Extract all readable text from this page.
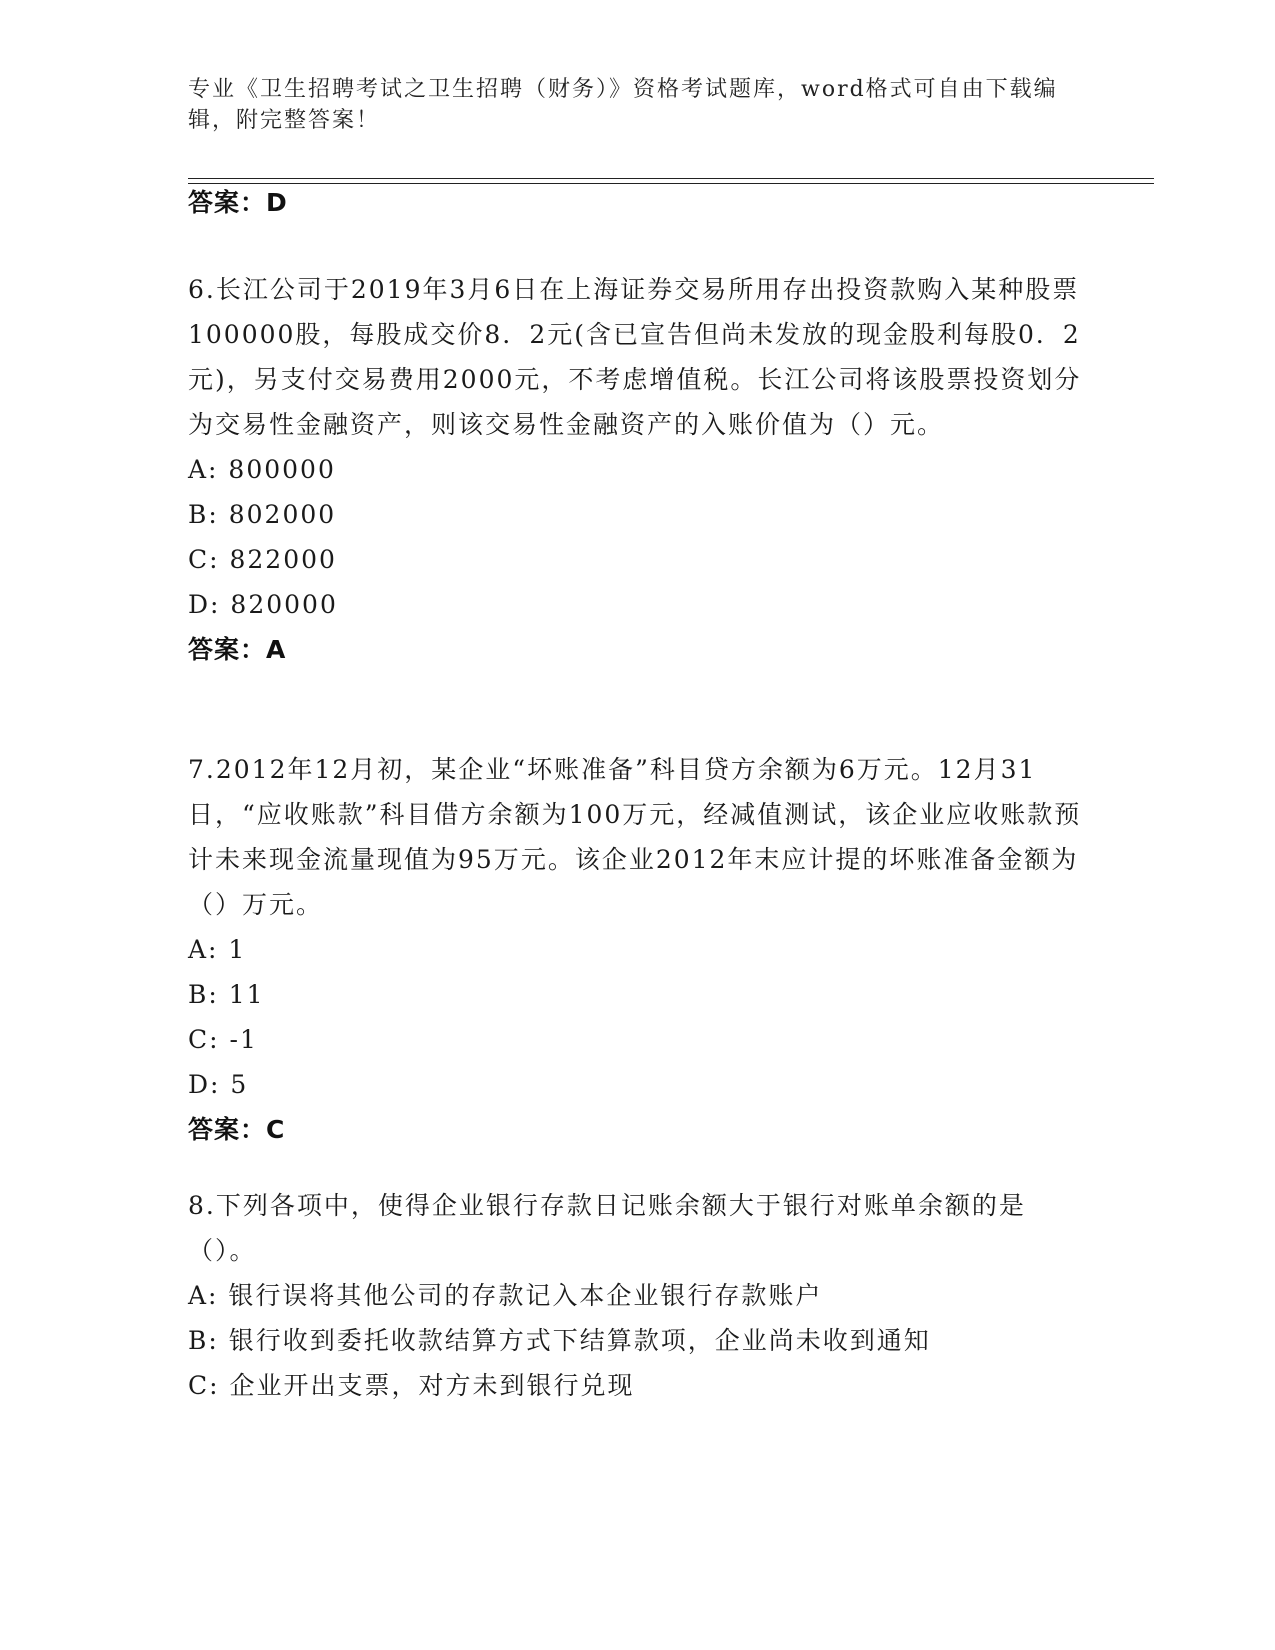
专业《卫生招聘考试之卫生招聘（财务）》资格考试题库，word格式可自由下载编辑，附完整答案！

答案：D

6.长江公司于2019年3月6日在上海证券交易所用存出投资款购入某种股票100000股，每股成交价8．2元(含已宣告但尚未发放的现金股利每股0．2元)，另支付交易费用2000元，不考虑增值税。长江公司将该股票投资划分为交易性金融资产，则该交易性金融资产的入账价值为（）元。

A: 800000

B: 802000

C: 822000

D: 820000

答案：A

7.2012年12月初，某企业“坏账准备”科目贷方余额为6万元。12月31日，“应收账款”科目借方余额为100万元，经减值测试，该企业应收账款预计未来现金流量现值为95万元。该企业2012年末应计提的坏账准备金额为（）万元。

A: 1

B: 11

C: -1

D: 5

答案：C

8.下列各项中，使得企业银行存款日记账余额大于银行对账单余额的是（）。

A: 银行误将其他公司的存款记入本企业银行存款账户

B: 银行收到委托收款结算方式下结算款项，企业尚未收到通知

C: 企业开出支票，对方未到银行兑现
